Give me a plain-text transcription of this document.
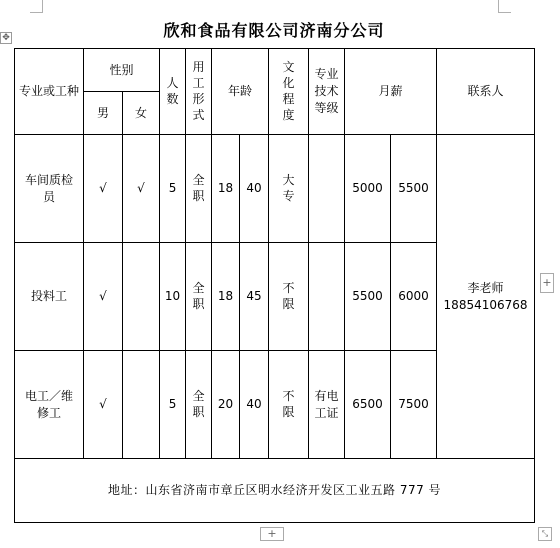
✥
+
+	⤡
欣和食品有限公司济南分公司
专业或工种	性别		人数	用工形式	年龄		文化程度	专业技术等级	月薪		联系人
	男	女									
车间质检员	√	√	5	全职	18	40	大专		5000	5500	李老师
18854106768

投料工	√		10	全职	18	45	不限		5500	6000	
电工／维修工	√		5	全职	20	40	不限	有电工证	6500	7500	
地址：山东省济南市章丘区明水经济开发区工业五路 777 号											
